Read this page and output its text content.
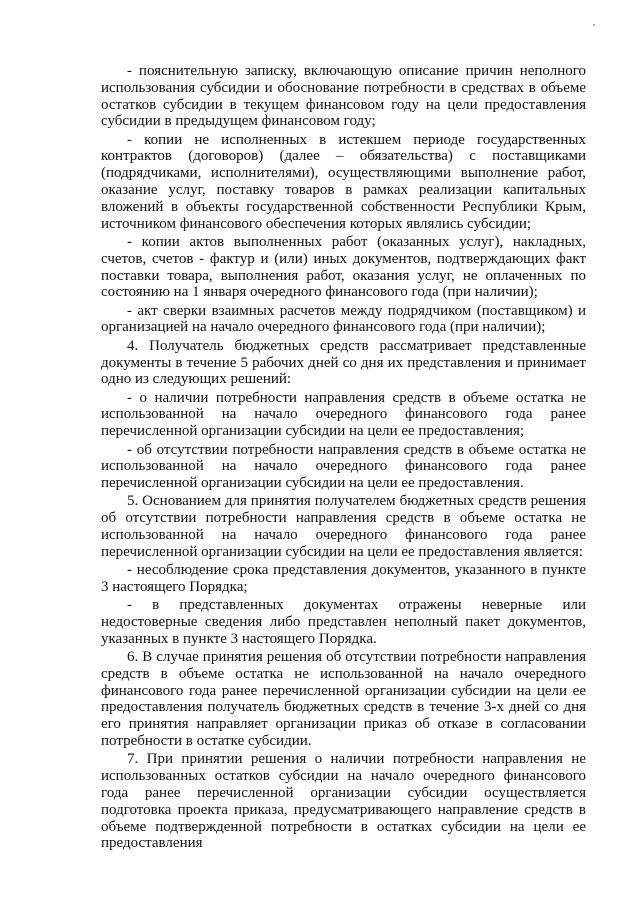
- пояснительную записку, включающую описание причин неполного использования субсидии и обоснование потребности в средствах в объеме остатков субсидии в текущем финансовом году на цели предоставления субсидии в предыдущем финансовом году;

- копии не исполненных в истекшем периоде государственных контрактов (договоров) (далее – обязательства) с поставщиками (подрядчиками, исполнителями), осуществляющими выполнение работ, оказание услуг, поставку товаров в рамках реализации капитальных вложений в объекты государственной собственности Республики Крым, источником финансового обеспечения которых являлись субсидии;

- копии актов выполненных работ (оказанных услуг), накладных, счетов, счетов - фактур и (или) иных документов, подтверждающих факт поставки товара, выполнения работ, оказания услуг, не оплаченных по состоянию на 1 января очередного финансового года (при наличии);

- акт сверки взаимных расчетов между подрядчиком (поставщиком) и организацией на начало очередного финансового года (при наличии);

4. Получатель бюджетных средств рассматривает представленные документы в течение 5 рабочих дней со дня их представления и принимает одно из следующих решений:

- о наличии потребности направления средств в объеме остатка не использованной на начало очередного финансового года ранее перечисленной организации субсидии на цели ее предоставления;

- об отсутствии потребности направления средств в объеме остатка не использованной на начало очередного финансового года ранее перечисленной организации субсидии на цели ее предоставления.

5. Основанием для принятия получателем бюджетных средств решения об отсутствии потребности направления средств в объеме остатка не использованной на начало очередного финансового года ранее перечисленной организации субсидии на цели ее предоставления является:

- несоблюдение срока представления документов, указанного в пункте 3 настоящего Порядка;

- в представленных документах отражены неверные или недостоверные сведения либо представлен неполный пакет документов, указанных в пункте 3 настоящего Порядка.

6. В случае принятия решения об отсутствии потребности направления средств в объеме остатка не использованной на начало очередного финансового года ранее перечисленной организации субсидии на цели ее предоставления получатель бюджетных средств в течение 3-х дней со дня его принятия направляет организации приказ об отказе в согласовании потребности в остатке субсидии.

7. При принятии решения о наличии потребности направления не использованных остатков субсидии на начало очередного финансового года ранее перечисленной организации субсидии осуществляется подготовка проекта приказа, предусматривающего направление средств в объеме подтвержденной потребности в остатках субсидии на цели ее предоставления
